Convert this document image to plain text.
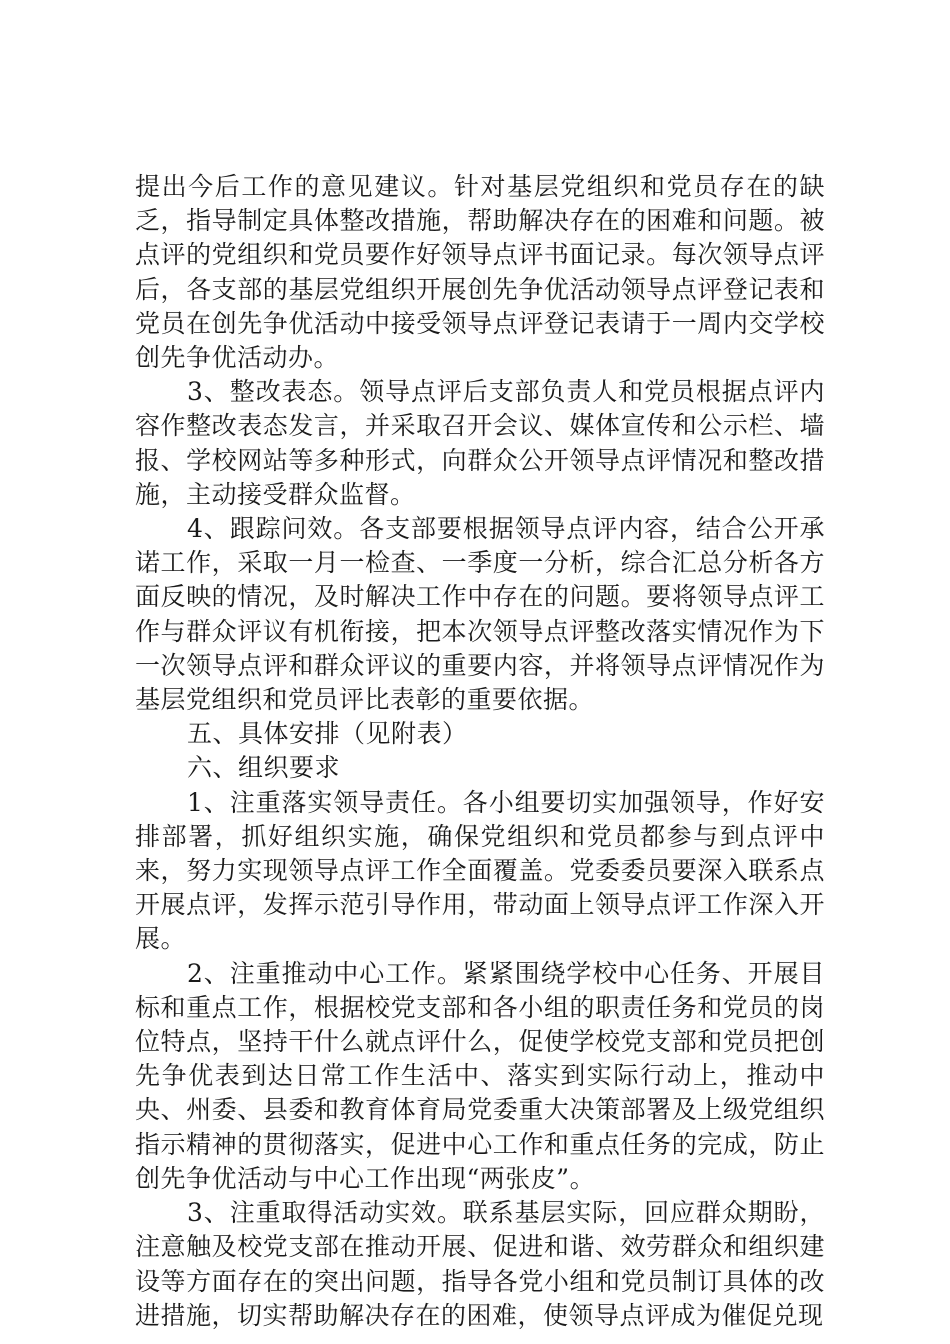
提出今后工作的意见建议。针对基层党组织和党员存在的缺乏，指导制定具体整改措施，帮助解决存在的困难和问题。被点评的党组织和党员要作好领导点评书面记录。每次领导点评后，各支部的基层党组织开展创先争优活动领导点评登记表和党员在创先争优活动中接受领导点评登记表请于一周内交学校创先争优活动办。

3、整改表态。领导点评后支部负责人和党员根据点评内容作整改表态发言，并采取召开会议、媒体宣传和公示栏、墙报、学校网站等多种形式，向群众公开领导点评情况和整改措施，主动接受群众监督。

4、跟踪问效。各支部要根据领导点评内容，结合公开承诺工作，采取一月一检查、一季度一分析，综合汇总分析各方面反映的情况，及时解决工作中存在的问题。要将领导点评工作与群众评议有机衔接，把本次领导点评整改落实情况作为下一次领导点评和群众评议的重要内容，并将领导点评情况作为基层党组织和党员评比表彰的重要依据。

五、具体安排（见附表）

六、组织要求

1、注重落实领导责任。各小组要切实加强领导，作好安排部署，抓好组织实施，确保党组织和党员都参与到点评中来，努力实现领导点评工作全面覆盖。党委委员要深入联系点开展点评，发挥示范引导作用，带动面上领导点评工作深入开展。

2、注重推动中心工作。紧紧围绕学校中心任务、开展目标和重点工作，根据校党支部和各小组的职责任务和党员的岗位特点，坚持干什么就点评什么，促使学校党支部和党员把创先争优表到达日常工作生活中、落实到实际行动上，推动中央、州委、县委和教育体育局党委重大决策部署及上级党组织指示精神的贯彻落实，促进中心工作和重点任务的完成，防止创先争优活动与中心工作出现“两张皮”。

3、注重取得活动实效。联系基层实际，回应群众期盼，注意触及校党支部在推动开展、促进和谐、效劳群众和组织建设等方面存在的突出问题，指导各党小组和党员制订具体的改进措施，切实帮助解决存在的困难，使领导点评成为催促兑现
